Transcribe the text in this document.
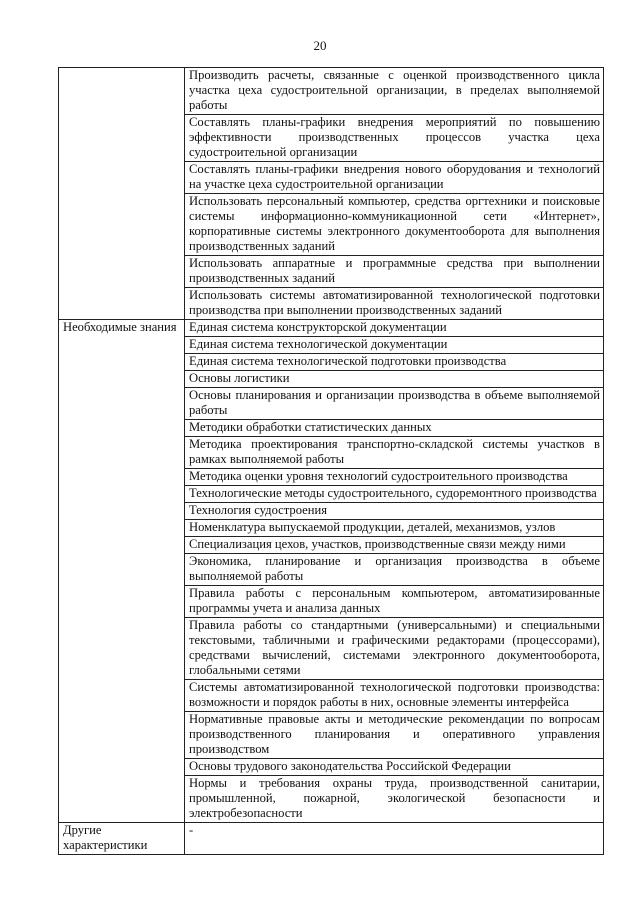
20
	Производить расчеты, связанные с оценкой производственного цикла участка цеха судостроительной организации, в пределах выполняемой работы
	Составлять планы-графики внедрения мероприятий по повышению эффективности производственных процессов участка цеха судостроительной организации
	Составлять планы-графики внедрения нового оборудования и технологий на участке цеха судостроительной организации
	Использовать персональный компьютер, средства оргтехники и поисковые системы информационно-коммуникационной сети «Интернет», корпоративные системы электронного документооборота для выполнения производственных заданий
	Использовать аппаратные и программные средства при выполнении производственных заданий
	Использовать системы автоматизированной технологической подготовки производства при выполнении производственных заданий
Необходимые знания	Единая система конструкторской документации
	Единая система технологической документации
	Единая система технологической подготовки производства
	Основы логистики
	Основы планирования и организации производства в объеме выполняемой работы
	Методики обработки статистических данных
	Методика проектирования транспортно-складской системы участков в рамках выполняемой работы
	Методика оценки уровня технологий судостроительного производства
	Технологические методы судостроительного, судоремонтного производства
	Технология судостроения
	Номенклатура выпускаемой продукции, деталей, механизмов, узлов
	Специализация цехов, участков, производственные связи между ними
	Экономика, планирование и организация производства в объеме выполняемой работы
	Правила работы с персональным компьютером, автоматизированные программы учета и анализа данных
	Правила работы со стандартными (универсальными) и специальными текстовыми, табличными и графическими редакторами (процессорами), средствами вычислений, системами электронного документооборота, глобальными сетями
	Системы автоматизированной технологической подготовки производства: возможности и порядок работы в них, основные элементы интерфейса
	Нормативные правовые акты и методические рекомендации по вопросам производственного планирования и оперативного управления производством
	Основы трудового законодательства Российской Федерации
	Нормы и требования охраны труда, производственной санитарии, промышленной, пожарной, экологической безопасности и электробезопасности
Другие характеристики	-
